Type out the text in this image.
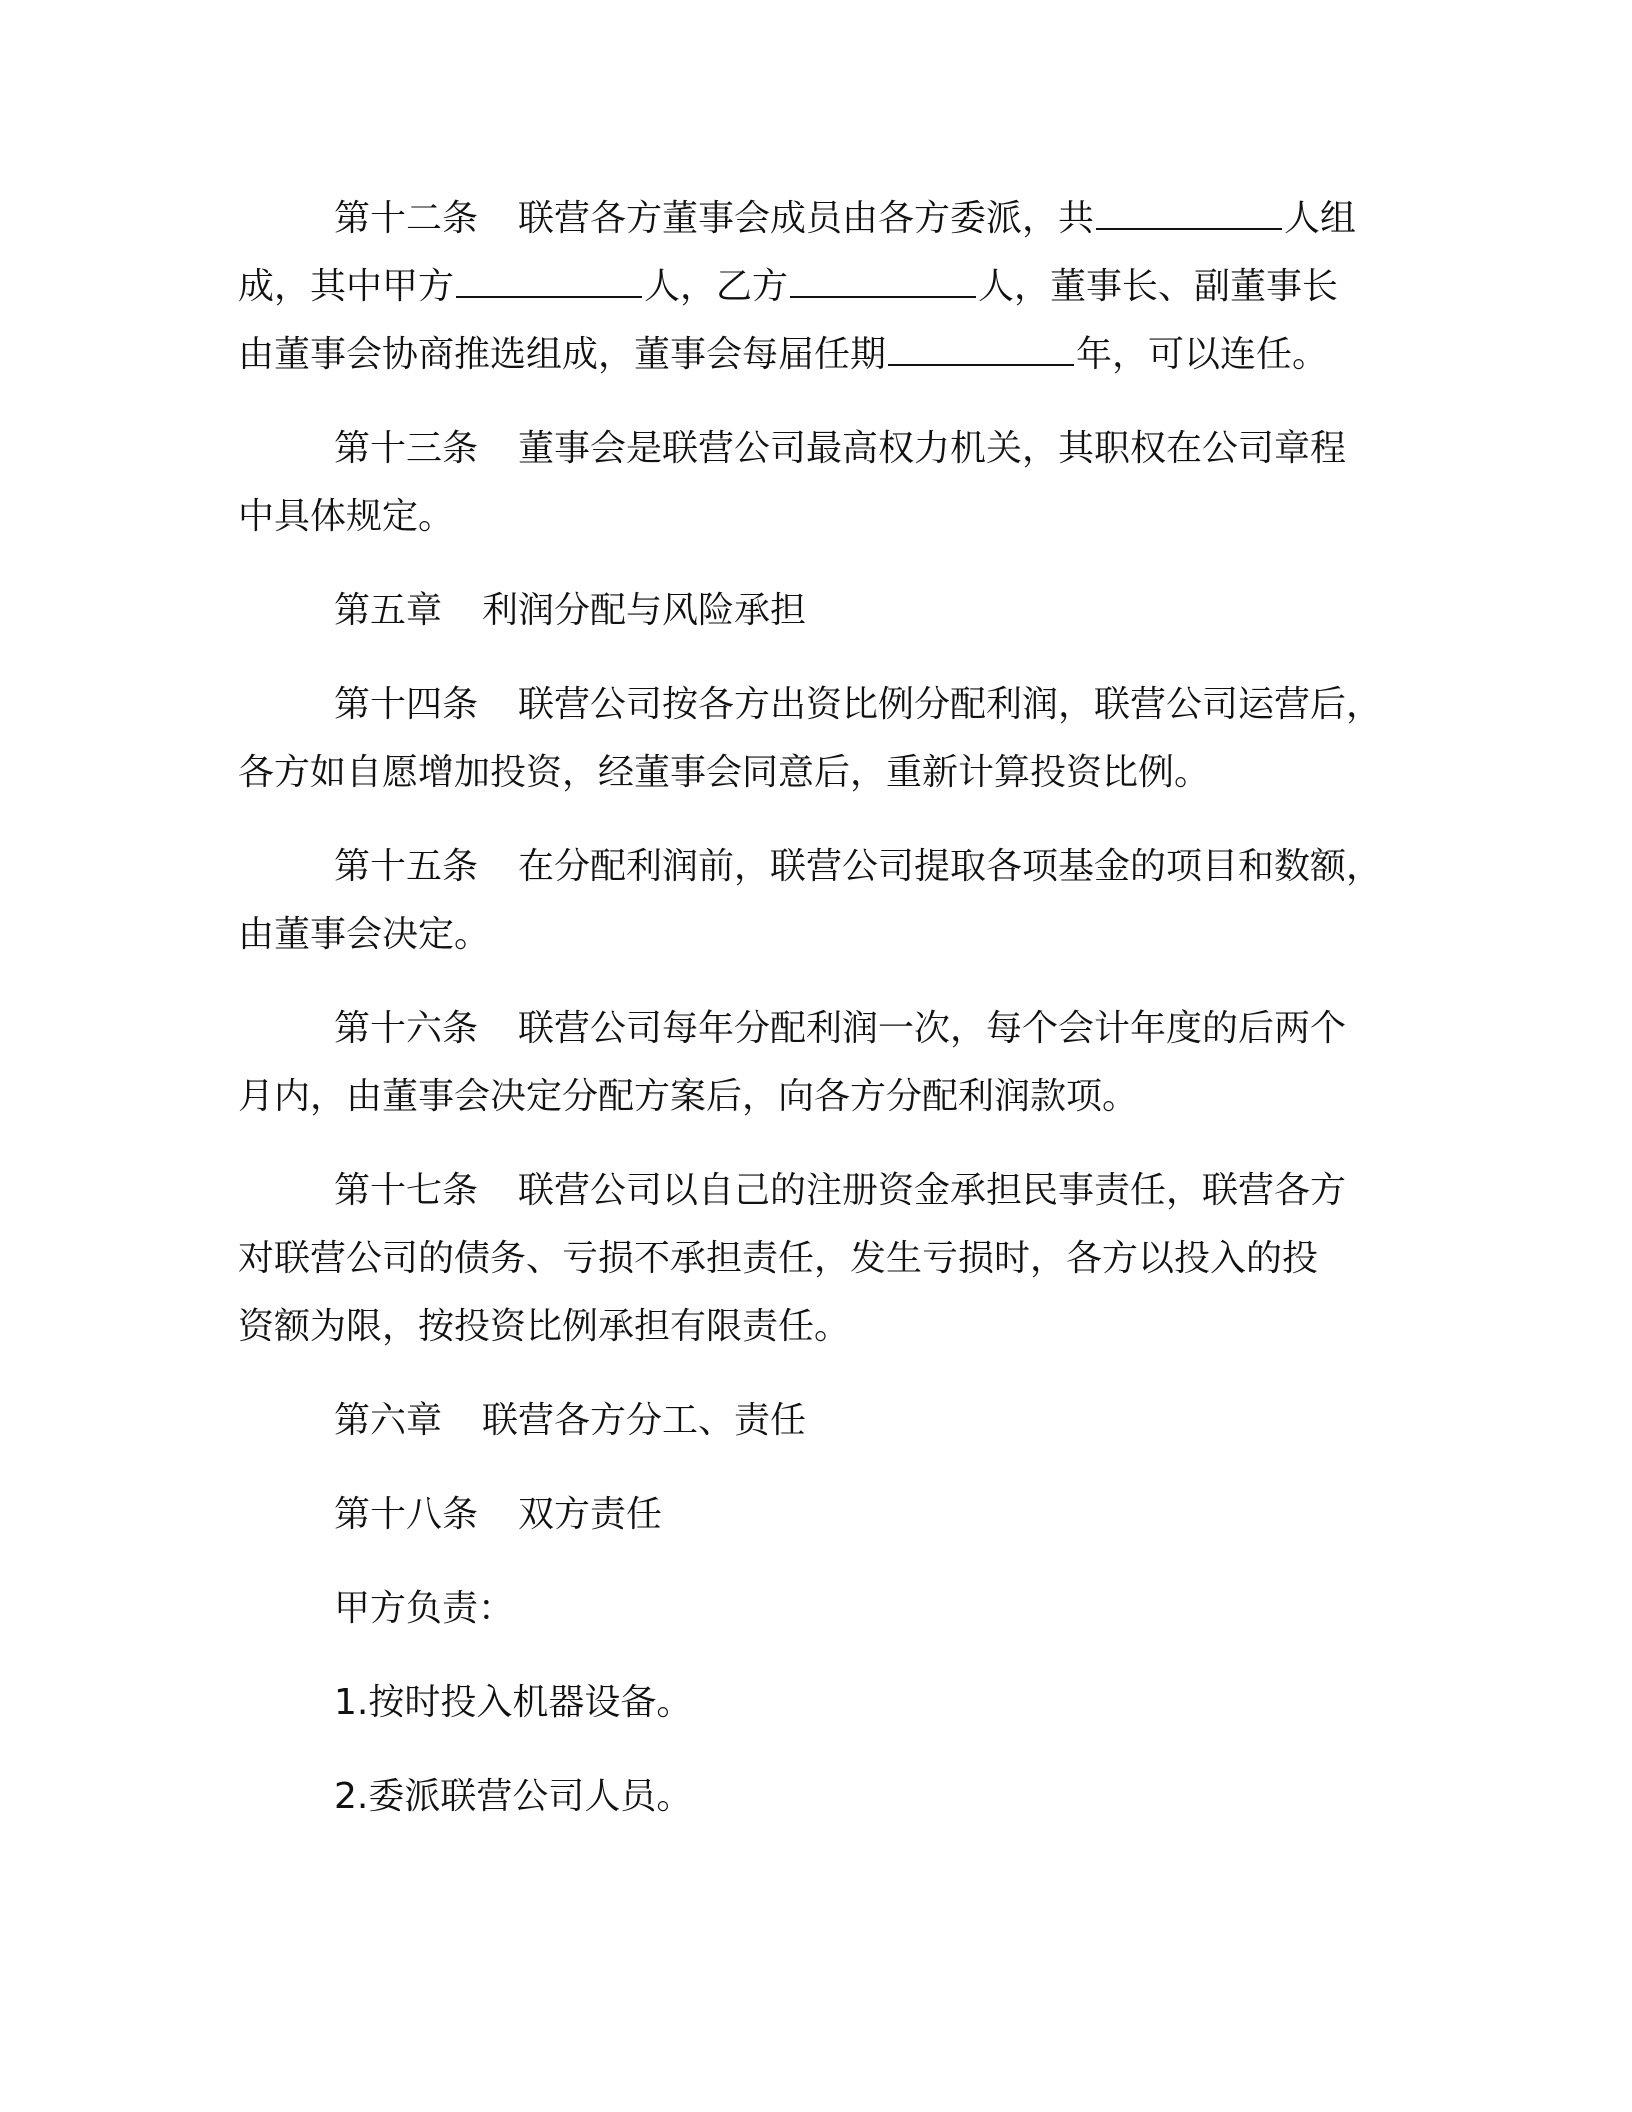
第十二条 联营各方董事会成员由各方委派，共	人组
成，其中甲方	人，乙方	人，董事长、副董事长
由董事会协商推选组成，董事会每届任期	年，可以连任。
第十三条 董事会是联营公司最高权力机关，其职权在公司章程
中具体规定。
第五章 利润分配与风险承担
第十四条 联营公司按各方出资比例分配利润，联营公司运营后，
各方如自愿增加投资，经董事会同意后，重新计算投资比例。
第十五条 在分配利润前，联营公司提取各项基金的项目和数额，
由董事会决定。
第十六条 联营公司每年分配利润一次，每个会计年度的后两个
月内，由董事会决定分配方案后，向各方分配利润款项。
第十七条 联营公司以自己的注册资金承担民事责任，联营各方
对联营公司的债务、亏损不承担责任，发生亏损时，各方以投入的投
资额为限，按投资比例承担有限责任。
第六章 联营各方分工、责任
第十八条 双方责任
甲方负责：
1.按时投入机器设备。
2.委派联营公司人员。
